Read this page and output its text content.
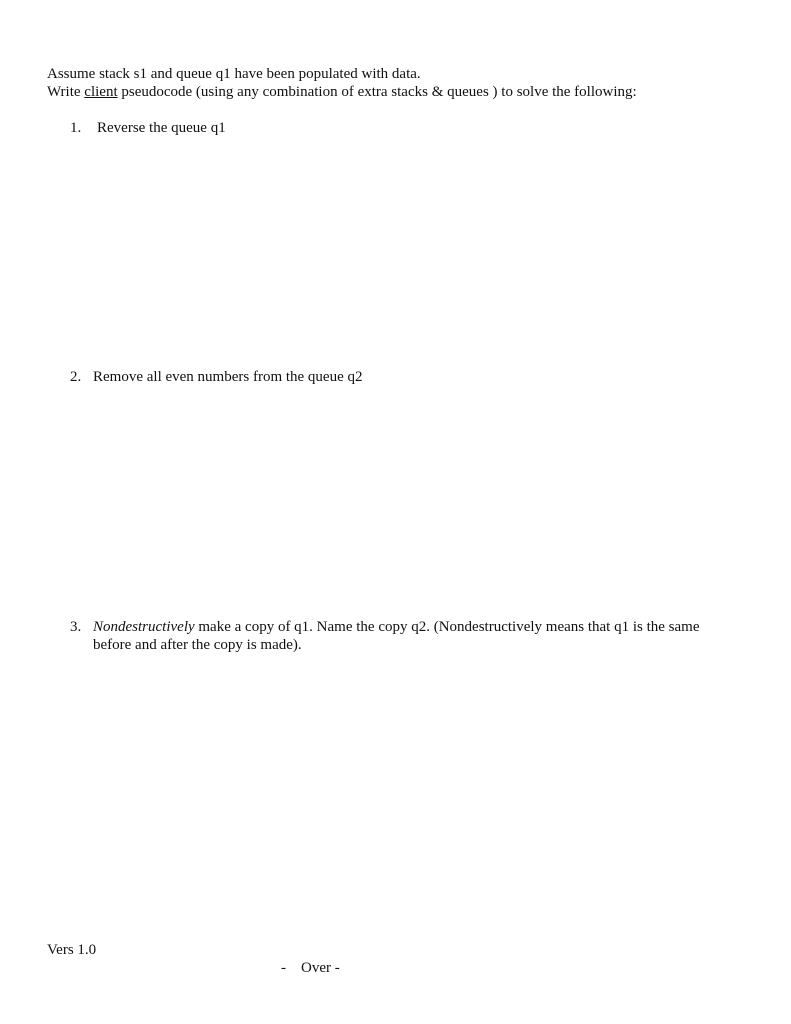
Assume stack s1 and queue q1 have been populated with data.
Write client pseudocode (using any combination of extra stacks & queues ) to solve the following:
1. Reverse the queue q1
2. Remove all even numbers from the queue q2
3. Nondestructively make a copy of q1. Name the copy q2. (Nondestructively means that q1 is the same
before and after the copy is made).
Vers 1.0
-    Over -
